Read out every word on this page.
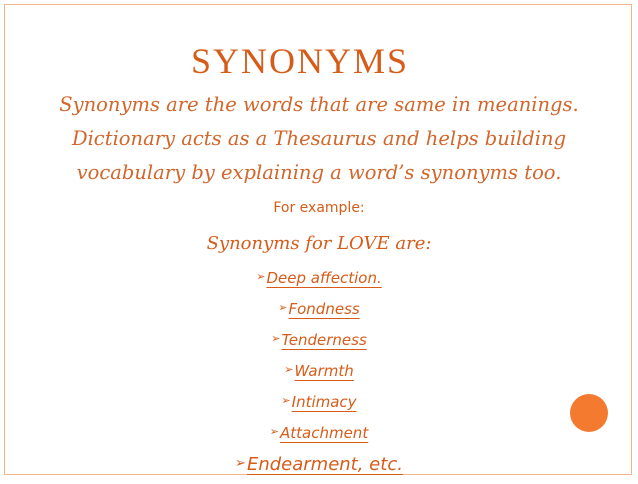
SYNONYMS

Synonyms are the words that are same in meanings.
Dictionary acts as a Thesaurus and helps building
vocabulary by explaining a word’s synonyms too.

For example:
Synonyms for LOVE are:
➢Deep affection.
➢Fondness
➢Tenderness
➢Warmth
➢Intimacy
➢Attachment
➢Endearment, etc.
